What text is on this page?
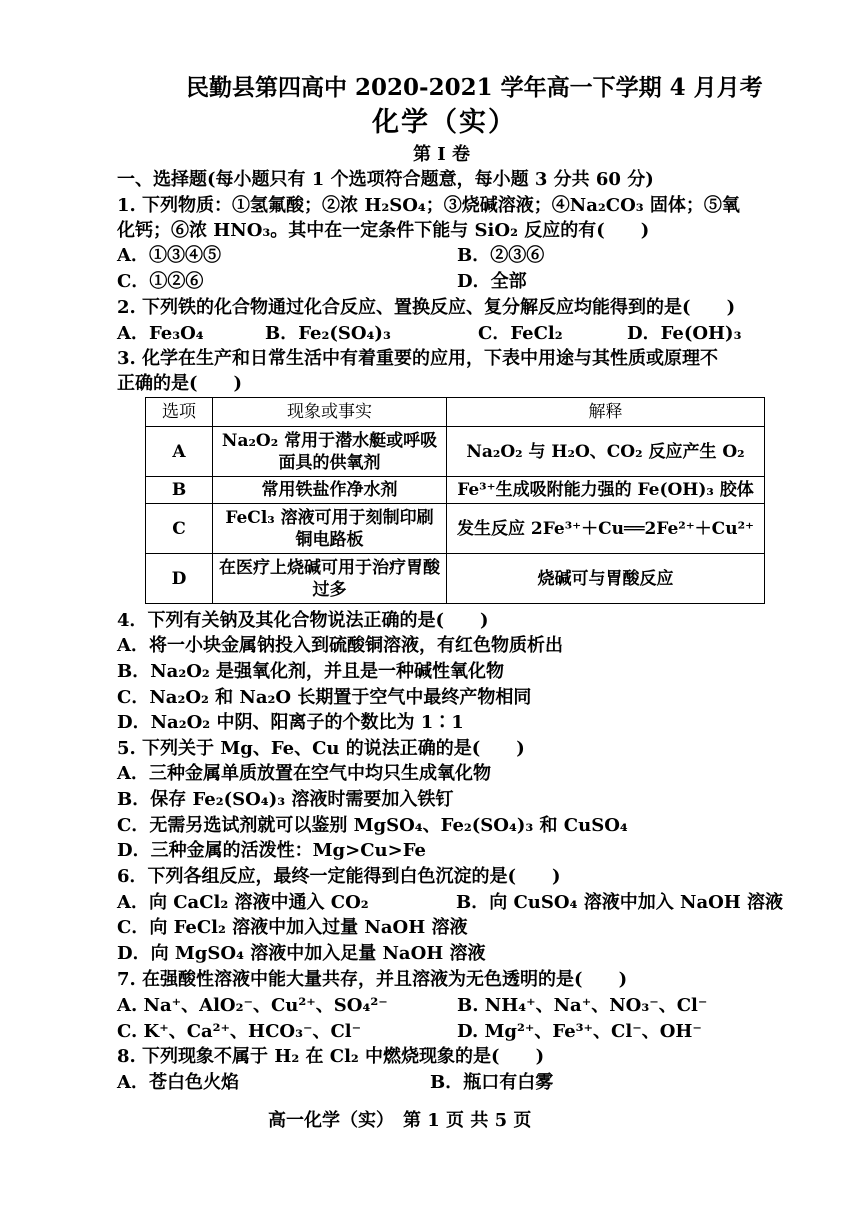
民勤县第四高中 2020-2021 学年高一下学期 4 月月考
化学（实）
第 I 卷
一、选择题(每小题只有 1 个选项符合题意，每小题 3 分共 60 分)
1. 下列物质：①氢氟酸；②浓 H₂SO₄；③烧碱溶液；④Na₂CO₃ 固体；⑤氧
化钙；⑥浓 HNO₃。其中在一定条件下能与 SiO₂ 反应的有(　　)
A．①③④⑤	B．②③⑥
C．①②⑥	D．全部
2. 下列铁的化合物通过化合反应、置换反应、复分解反应均能得到的是(　　)
A．Fe₃O₄	B．Fe₂(SO₄)₃	C．FeCl₂	D．Fe(OH)₃
3. 化学在生产和日常生活中有着重要的应用，下表中用途与其性质或原理不
正确的是(　　)
选项	现象或事实	解释
A	Na₂O₂ 常用于潜水艇或呼吸面具的供氧剂	Na₂O₂ 与 H₂O、CO₂ 反应产生 O₂
B	常用铁盐作净水剂	Fe³⁺生成吸附能力强的 Fe(OH)₃ 胶体
C	FeCl₃ 溶液可用于刻制印刷铜电路板	发生反应 2Fe³⁺＋Cu══2Fe²⁺＋Cu²⁺
D	在医疗上烧碱可用于治疗胃酸过多	烧碱可与胃酸反应
4．下列有关钠及其化合物说法正确的是(　　)
A．将一小块金属钠投入到硫酸铜溶液，有红色物质析出
B．Na₂O₂ 是强氧化剂，并且是一种碱性氧化物
C．Na₂O₂ 和 Na₂O 长期置于空气中最终产物相同
D．Na₂O₂ 中阴、阳离子的个数比为 1∶1
5. 下列关于 Mg、Fe、Cu 的说法正确的是(　　)
A．三种金属单质放置在空气中均只生成氧化物
B．保存 Fe₂(SO₄)₃ 溶液时需要加入铁钉
C．无需另选试剂就可以鉴别 MgSO₄、Fe₂(SO₄)₃ 和 CuSO₄
D．三种金属的活泼性：Mg>Cu>Fe
6．下列各组反应，最终一定能得到白色沉淀的是(　　)
A．向 CaCl₂ 溶液中通入 CO₂	B．向 CuSO₄ 溶液中加入 NaOH 溶液
C．向 FeCl₂ 溶液中加入过量 NaOH 溶液
D．向 MgSO₄ 溶液中加入足量 NaOH 溶液
7. 在强酸性溶液中能大量共存，并且溶液为无色透明的是(　　)
A. Na⁺、AlO₂⁻、Cu²⁺、SO₄²⁻	B. NH₄⁺、Na⁺、NO₃⁻、Cl⁻
C. K⁺、Ca²⁺、HCO₃⁻、Cl⁻	D. Mg²⁺、Fe³⁺、Cl⁻、OH⁻
8. 下列现象不属于 H₂ 在 Cl₂ 中燃烧现象的是(　　)
A．苍白色火焰	B．瓶口有白雾
高一化学（实）　第 1 页 共 5 页
